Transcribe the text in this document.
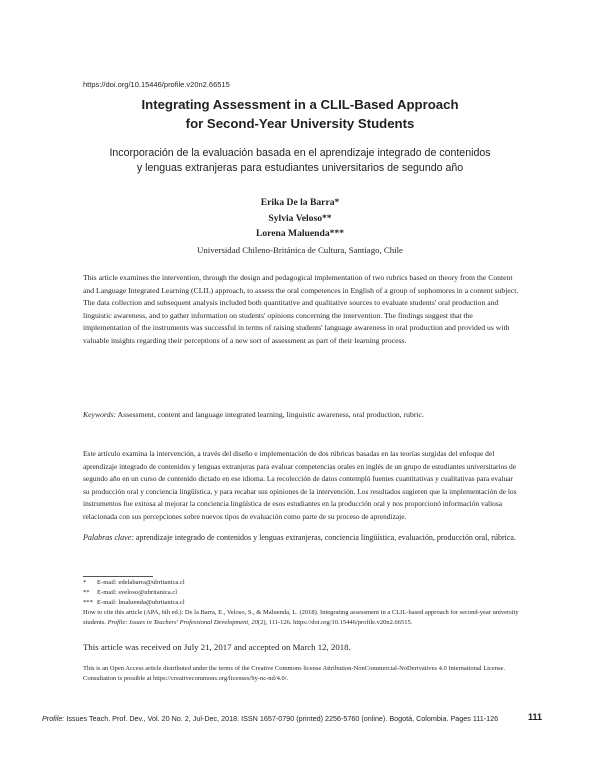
https://doi.org/10.15446/profile.v20n2.66515
Integrating Assessment in a CLIL-Based Approach
for Second-Year University Students
Incorporación de la evaluación basada en el aprendizaje integrado de contenidos
y lenguas extranjeras para estudiantes universitarios de segundo año
Erika De la Barra*
Sylvia Veloso**
Lorena Maluenda***
Universidad Chileno-Británica de Cultura, Santiago, Chile

This article examines the intervention, through the design and pedagogical implementation of two rubrics based on theory from the Content and Language Integrated Learning (CLIL) approach, to assess the oral competences in English of a group of sophomores in a content subject. The data collection and subsequent analysis included both quantitative and qualitative sources to evaluate students' oral production and linguistic awareness, and to gather information on students' opinions concerning the intervention. The findings suggest that the implementation of the instruments was successful in terms of raising students' language awareness in oral production and provided us with valuable insights regarding their perceptions of a new sort of assessment as part of their learning process.

Keywords: Assessment, content and language integrated learning, linguistic awareness, oral production, rubric.

Este artículo examina la intervención, a través del diseño e implementación de dos rúbricas basadas en las teorías surgidas del enfoque del aprendizaje integrado de contenidos y lenguas extranjeras para evaluar competencias orales en inglés de un grupo de estudiantes universitarios de segundo año en un curso de contenido dictado en ese idioma. La recolección de datos contempló fuentes cuantitativas y cualitativas para evaluar su producción oral y conciencia lingüística, y para recabar sus opiniones de la intervención. Los resultados sugieren que la implementación de los instrumentos fue exitosa al mejorar la conciencia lingüística de esos estudiantes en la producción oral y nos proporcionó información valiosa relacionada con sus percepciones sobre nuevos tipos de evaluación como parte de su proceso de aprendizaje.

Palabras clave: aprendizaje integrado de contenidos y lenguas extranjeras, conciencia lingüística, evaluación, producción oral, rúbrica.
* E-mail: edelabarra@ubritanica.cl
** E-mail: sveloso@ubritanica.cl
*** E-mail: lmaluenda@ubritanica.cl
How to cite this article (APA, 6th ed.): De la Barra, E., Veloso, S., & Maluenda, L. (2018). Integrating assessment in a CLIL-based approach for second-year university students. Profile: Issues in Teachers' Professional Development, 20(2), 111-126. https://doi.org/10.15446/profile.v20n2.66515.
This article was received on July 21, 2017 and accepted on March 12, 2018.
This is an Open Access article distributed under the terms of the Creative Commons license Attribution-NonCommercial-NoDerivatives 4.0 International License. Consultation is possible at https://creativecommons.org/licenses/by-nc-nd/4.0/.
Profile: Issues Teach. Prof. Dev., Vol. 20 No. 2, Jul-Dec, 2018. ISSN 1657-0790 (printed) 2256-5760 (online). Bogotá, Colombia. Pages 111-126	111
